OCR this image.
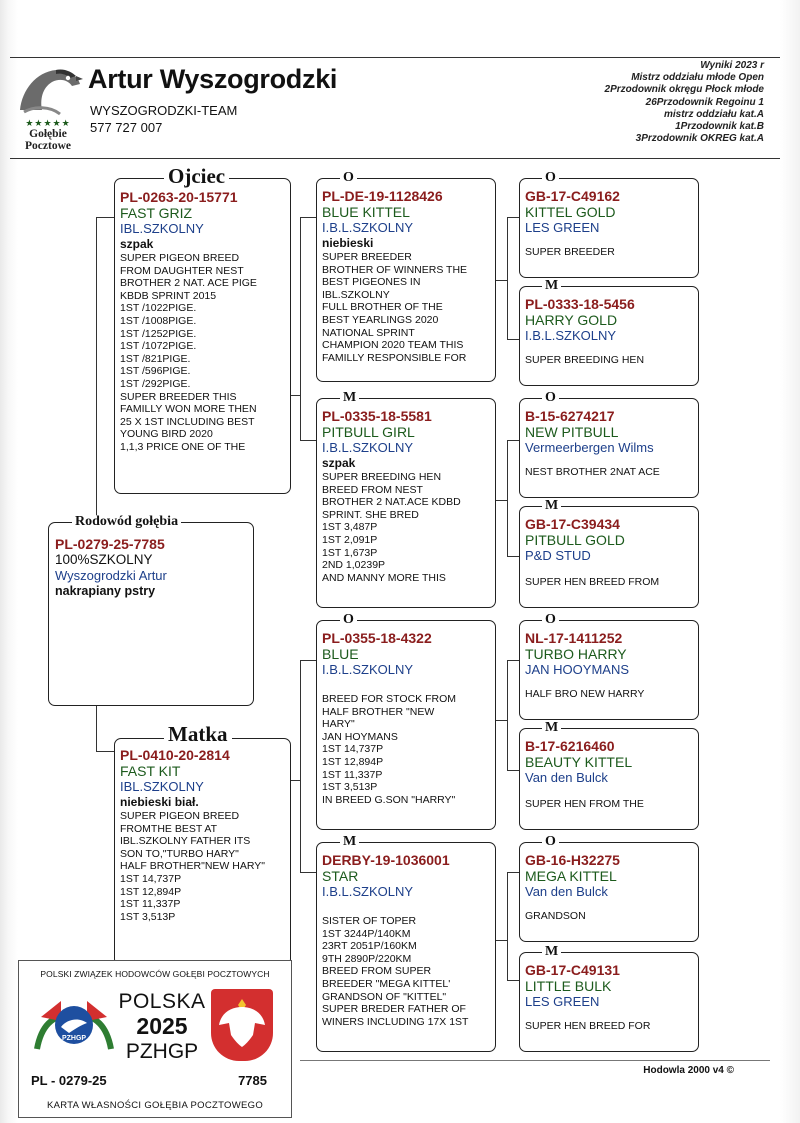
★★★★★
Gołębie
Pocztowe
Artur Wyszogrodzki
WYSZOGRODZKI-TEAM
577 727 007
Wyniki 2023 r
Mistrz oddziału młode Open
2Przodownik okręgu Płock młode
26Przodownik Regoinu 1
mistrz oddziału kat.A
1Przodownik kat.B
3Przodownik OKREG kat.A
PL-0279-25-7785
100%SZKOLNY
Wyszogrodzki Artur
nakrapiany pstry
Rodowód gołębia
PL-0263-20-15771
FAST GRIZ
IBL.SZKOLNY
szpak
SUPER PIGEON BREED
FROM DAUGHTER NEST
BROTHER 2 NAT. ACE PIGE
KBDB SPRINT 2015
1ST /1022PIGE.
1ST /1008PIGE.
1ST /1252PIGE.
1ST /1072PIGE.
1ST /821PIGE.
1ST /596PIGE.
1ST /292PIGE.
SUPER BREEDER THIS
FAMILLY WON MORE THEN
25 X 1ST INCLUDING BEST
YOUNG BIRD 2020
1,1,3 PRICE ONE OF THE
Ojciec
PL-0410-20-2814
FAST KIT
IBL.SZKOLNY
niebieski biał.
SUPER PIGEON BREED
FROMTHE BEST AT
IBL.SZKOLNY FATHER ITS
SON TO,"TURBO HARY"
HALF BROTHER"NEW HARY"
1ST 14,737P
1ST 12,894P
1ST 11,337P
1ST 3,513P
Matka
PL-DE-19-1128426
BLUE KITTEL
I.B.L.SZKOLNY
niebieski
SUPER BREEDER
BROTHER OF WINNERS THE
BEST PIGEONES IN
IBL.SZKOLNY
FULL BROTHER OF THE
BEST YEARLINGS 2020
NATIONAL SPRINT
CHAMPION 2020 TEAM THIS
FAMILLY RESPONSIBLE FOR
O
PL-0335-18-5581
PITBULL GIRL
I.B.L.SZKOLNY
szpak
SUPER BREEDING HEN
BREED FROM NEST
BROTHER 2 NAT.ACE KDBD
SPRINT. SHE BRED
1ST 3,487P
1ST 2,091P
1ST 1,673P
2ND 1,0239P
AND MANNY MORE THIS
M
PL-0355-18-4322
BLUE
I.B.L.SZKOLNY
BREED FOR STOCK FROM
HALF BROTHER "NEW
HARY"
JAN HOYMANS
1ST 14,737P
1ST 12,894P
1ST 11,337P
1ST 3,513P
IN BREED G.SON "HARRY"
O
DERBY-19-1036001
STAR
I.B.L.SZKOLNY
SISTER OF TOPER
1ST 3244P/140KM
23RT 2051P/160KM
9TH 2890P/220KM
BREED FROM SUPER
BREEDER "MEGA KITTEL'
GRANDSON OF "KITTEL"
SUPER BREDER FATHER OF
WINERS INCLUDING 17X 1ST
M
GB-17-C49162
KITTEL GOLD
LES GREEN
SUPER BREEDER
O
PL-0333-18-5456
HARRY GOLD
I.B.L.SZKOLNY
SUPER BREEDING HEN
M
B-15-6274217
NEW PITBULL
Vermeerbergen Wilms
NEST BROTHER 2NAT ACE
O
GB-17-C39434
PITBULL GOLD
P&D STUD
SUPER HEN BREED FROM
M
NL-17-1411252
TURBO HARRY
JAN HOOYMANS
HALF BRO NEW HARRY
O
B-17-6216460
BEAUTY KITTEL
Van den Bulck
SUPER HEN FROM THE
M
GB-16-H32275
MEGA KITTEL
Van den Bulck
GRANDSON
O
GB-17-C49131
LITTLE BULK
LES GREEN
SUPER HEN BREED FOR
M
Hodowla 2000 v4 ©
POLSKI ZWIĄZEK HODOWCÓW GOŁĘBI POCZTOWYCH
PZHGP
POLSKA
2025
PZHGP
PL - 0279-25	7785
KARTA WŁASNOŚCI GOŁĘBIA POCZTOWEGO
